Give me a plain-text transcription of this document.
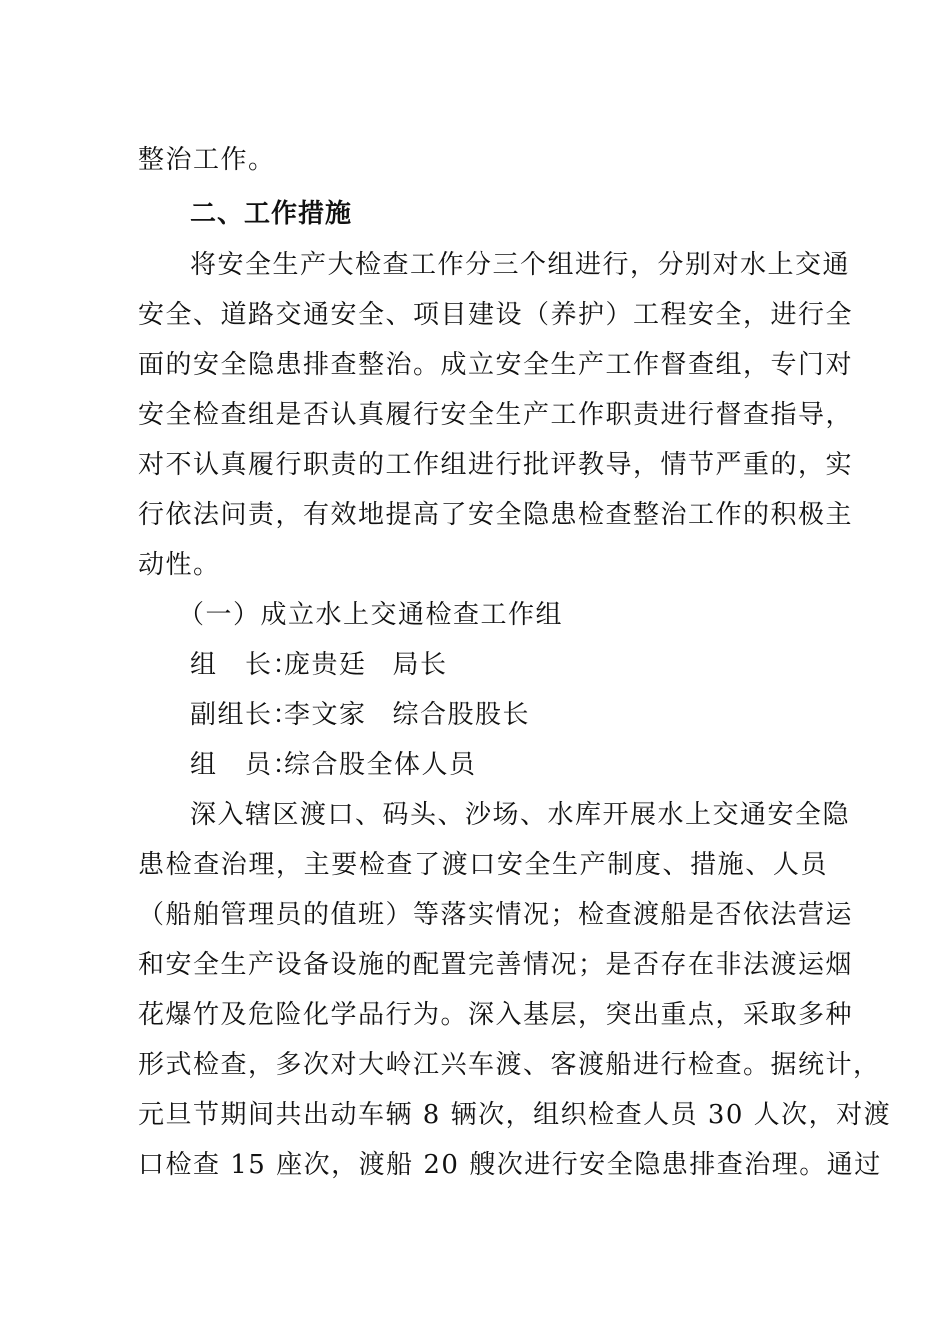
整治工作。
二、工作措施
将安全生产大检查工作分三个组进行，分别对水上交通
安全、道路交通安全、项目建设（养护）工程安全，进行全
面的安全隐患排查整治。成立安全生产工作督查组，专门对
安全检查组是否认真履行安全生产工作职责进行督查指导，
对不认真履行职责的工作组进行批评教导，情节严重的，实
行依法问责，有效地提高了安全隐患检查整治工作的积极主
动性。
（一）成立水上交通检查工作组
组　长：庞贵廷 局长
副组长：李文家 综合股股长
组　员：综合股全体人员
深入辖区渡口、码头、沙场、水库开展水上交通安全隐
患检查治理，主要检查了渡口安全生产制度、措施、人员
（船舶管理员的值班）等落实情况；检查渡船是否依法营运
和安全生产设备设施的配置完善情况；是否存在非法渡运烟
花爆竹及危险化学品行为。深入基层，突出重点，采取多种
形式检查，多次对大岭江兴车渡、客渡船进行检查。据统计，
元旦节期间共出动车辆 8 辆次，组织检查人员 30 人次，对渡
口检查 15 座次，渡船 20 艘次进行安全隐患排查治理。通过
